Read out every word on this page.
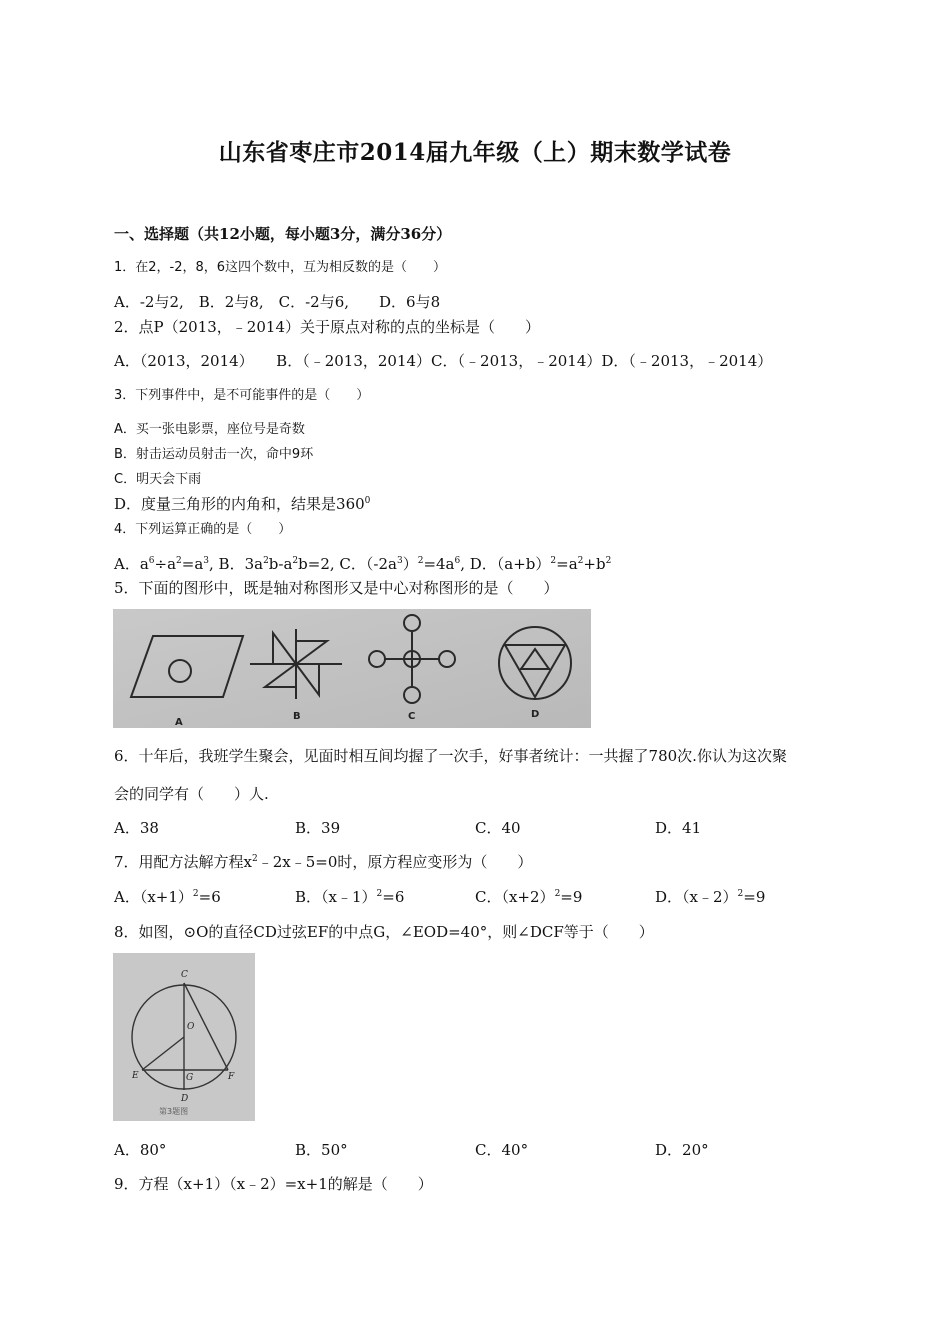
山东省枣庄市2014届九年级（上）期末数学试卷
一、选择题（共12小题，每小题3分，满分36分）
1．在2，-2，8，6这四个数中，互为相反数的是（　　）
A．-2与2,　B．2与8,　C．-2与6,　　D．6与8
2．点P（2013，﹣2014）关于原点对称的点的坐标是（　　）
A．（2013，2014）　　B．（﹣2013，2014）C．（﹣2013，﹣2014）D．（﹣2013，﹣2014）
3．下列事件中，是不可能事件的是（　　）
A．买一张电影票，座位号是奇数
B．射击运动员射击一次，命中9环
C．明天会下雨
D．度量三角形的内角和，结果是$360^0$
4．下列运算正确的是（　　）
A．$a^6\div a^2=a^3$, B．$3a^2b-a^2b=2$, C．$(-2a^3)^2=4a^6$, D．$(a+b)^2=a^2+b^2$
5．下面的图形中，既是轴对称图形又是中心对称图形的是（　　）
A
B	C	D
6．十年后，我班学生聚会，见面时相互间均握了一次手，好事者统计：一共握了780次.你认为这次聚
会的同学有（　　）人.
A．38	B．39	C．40	D．41
7．用配方法解方程$x^2﹣2x﹣5=0$时，原方程应变形为（　　）
A．$(x+1)^2=6$	B．（x﹣1）$^2$=6	C．$(x+2)^2=9$	D．（x﹣2）$^2$=9
8．如图，⊙O的直径CD过弦EF的中点G，∠EOD=40°，则∠DCF等于（　　）
C
O
E	G	F
D
第3题图
A．80°	B．50°	C．40°	D．20°
9．方程（x+1）（x﹣2）=x+1的解是（　　）
